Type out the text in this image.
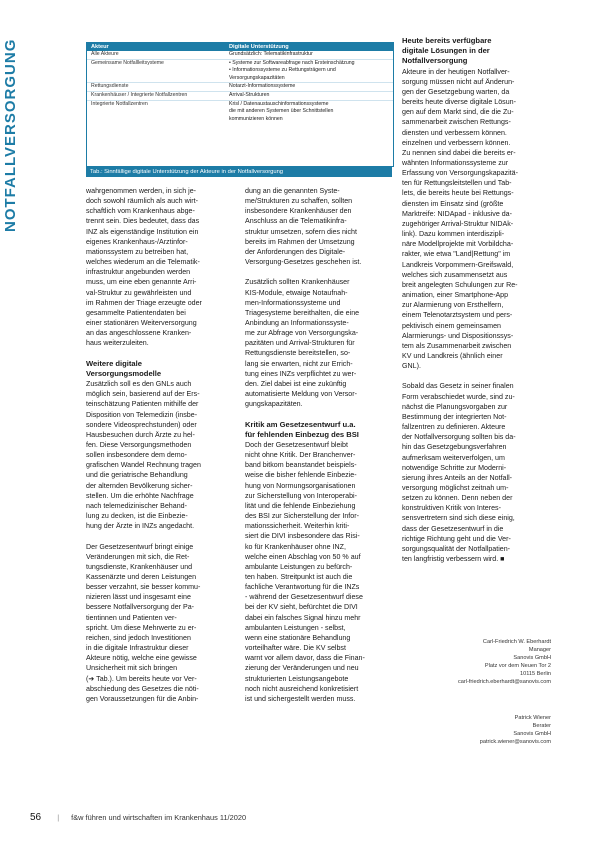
NOTFALLVERSORGUNG	Akteur	Digitale Unterstützung
Alle Akteure	Grundsätzlich: Telematikinfrastruktur
Gemeinsame Notfallleitsysteme	• Systeme zur Softwareabfrage nach Ersteinschätzung
• Informationssysteme zu Rettungsträgern und
Versorgungskapazitäten
Rettungsdienste	Notarzt-Informationssysteme
Krankenhäuser / Integrierte Notfallzentren	Arrival-Strukturen
Integrierte Notfallzentren	Krisl / Datenaustauschinformationssysteme
die mit anderen Systemen über Schnittstellen
kommunizieren können
Tab.: Sinnfällige digitale Unterstützung der Akteure in der Notfallversorgung

wahrgenommen werden, in sich je-
doch sowohl räumlich als auch wirt-
schaftlich vom Krankenhaus abge-
trennt sein. Dies bedeutet, dass das
INZ als eigenständige Institution ein
eigenes Krankenhaus-/Arztinfor-
mationssystem zu betreiben hat,
welches wiederum an die Telematik-
infrastruktur angebunden werden
muss, um eine eben genannte Arri-
val-Struktur zu gewährleisten und
im Rahmen der Triage erzeugte oder
gesammelte Patientendaten bei
einer stationären Weiterversorgung
an das angeschlossene Kranken-
haus weiterzuleiten.

Weitere digitale
Versorgungsmodelle

Zusätzlich soll es den GNLs auch
möglich sein, basierend auf der Ers-
teinschätzung Patienten mithilfe der
Disposition von Telemedizin (insbe-
sondere Videosprechstunden) oder
Hausbesuchen durch Ärzte zu hel-
fen. Diese Versorgungsmethoden
sollen insbesondere dem demo-
grafischen Wandel Rechnung tragen
und die geriatrische Behandlung
der alternden Bevölkerung sicher-
stellen. Um die erhöhte Nachfrage
nach telemedizinischer Behand-
lung zu decken, ist die Einbezie-
hung der Ärzte in INZs angedacht.

Der Gesetzesentwurf bringt einige
Veränderungen mit sich, die Ret-
tungsdienste, Krankenhäuser und
Kassenärzte und deren Leistungen
besser verzahnt, sie besser kommu-
nizieren lässt und insgesamt eine
bessere Notfallversorgung der Pa-
tientinnen und Patienten ver-
spricht. Um diese Mehrwerte zu er-
reichen, sind jedoch Investitionen
in die digitale Infrastruktur dieser
Akteure nötig, welche eine gewisse
Unsicherheit mit sich bringen
(➔ Tab.). Um bereits heute vor Ver-
abschiedung des Gesetzes die nöti-
gen Voraussetzungen für die Anbin-

dung an die genannten Syste-
me/Strukturen zu schaffen, sollten
insbesondere Krankenhäuser den
Anschluss an die Telematikinfra-
struktur umsetzen, sofern dies nicht
bereits im Rahmen der Umsetzung
der Anforderungen des Digitale-
Versorgung-Gesetzes geschehen ist.

Zusätzlich sollten Krankenhäuser
KIS-Module, etwaige Notaufnah-
men-Informationssysteme und
Triagesysteme bereithalten, die eine
Anbindung an Informationssyste-
me zur Abfrage von Versorgungska-
pazitäten und Arrival-Strukturen für
Rettungsdienste bereitstellen, so-
lang sie erwarten, nicht zur Errich-
tung eines INZs verpflichtet zu wer-
den. Ziel dabei ist eine zukünftig
automatisierte Meldung von Versor-
gungskapazitäten.

Kritik am Gesetzesentwurf u.a.
für fehlenden Einbezug des BSI

Doch der Gesetzesentwurf bleibt
nicht ohne Kritik. Der Branchenver-
band bitkom beanstandet beispiels-
weise die bisher fehlende Einbezie-
hung von Normungsorganisationen
zur Sicherstellung von Interoperabi-
lität und die fehlende Einbeziehung
des BSI zur Sicherstellung der Infor-
mationssicherheit. Weiterhin kriti-
siert die DIVI insbesondere das Risi-
ko für Krankenhäuser ohne INZ,
welche einen Abschlag von 50 % auf
ambulante Leistungen zu befürch-
ten haben. Streitpunkt ist auch die
fachliche Verantwortung für die INZs
- während der Gesetzesentwurf diese
bei der KV sieht, befürchtet die DIVI
dabei ein falsches Signal hinzu mehr
ambulanten Leistungen - selbst,
wenn eine stationäre Behandlung
vorteilhafter wäre. Die KV selbst
warnt vor allem davor, dass die Finan-
zierung der Veränderungen und neu
strukturierten Leistungsangebote
noch nicht ausreichend konkretisiert
ist und sichergestellt werden muss.

Heute bereits verfügbare
digitale Lösungen in der
Notfallversorgung

Akteure in der heutigen Notfallver-
sorgung müssen nicht auf Änderun-
gen der Gesetzgebung warten, da
bereits heute diverse digitale Lösun-
gen auf dem Markt sind, die die Zu-
sammenarbeit zwischen Rettungs-
diensten und verbessern können.
einzelnen und verbessern können.
Zu nennen sind dabei die bereits er-
wähnten Informationssysteme zur
Erfassung von Versorgungskapazitä-
ten für Rettungsleitstellen und Tab-
lets, die bereits heute bei Rettungs-
diensten im Einsatz sind (größte
Marktreife: NIDApad - inklusive da-
zugehöriger Arrival-Struktur NIDAk-
link). Dazu kommen interdiszipli-
näre Modellprojekte mit Vorbildcha-
rakter, wie etwa "Land|Rettung" im
Landkreis Vorpommern-Greifswald,
welches sich zusammensetzt aus
breit angelegten Schulungen zur Re-
animation, einer Smartphone-App
zur Alarmierung von Ersthelfern,
einem Telenotarztsystem und pers-
pektivisch einem gemeinsamen
Alarmierungs- und Dispositionssys-
tem als Zusammenarbeit zwischen
KV und Landkreis (ähnlich einer
GNL).

Sobald das Gesetz in seiner finalen
Form verabschiedet wurde, sind zu-
nächst die Planungsvorgaben zur
Bestimmung der integrierten Not-
fallzentren zu definieren. Akteure
der Notfallversorgung sollten bis da-
hin das Gesetzgebungsverfahren
aufmerksam weiterverfolgen, um
notwendige Schritte zur Moderni-
sierung ihres Anteils an der Notfall-
versorgung möglichst zeitnah um-
setzen zu können. Denn neben der
konstruktiven Kritik von Interes-
sensvertretern sind sich diese einig,
dass der Gesetzesentwurf in die
richtige Richtung geht und die Ver-
sorgungsqualität der Notfallpatien-
ten langfristig verbessern wird. ■

Carl-Friedrich W. Eberhardt
Manager
Sanovis GmbH
Platz vor dem Neuen Tor 2
10115 Berlin
carl-friedrich.eberhardt@sanovis.com
Patrick Wiener
Berater
Sanovis GmbH
patrick.wiener@sanovis.com
56 | f&w führen und wirtschaften im Krankenhaus 11/2020
